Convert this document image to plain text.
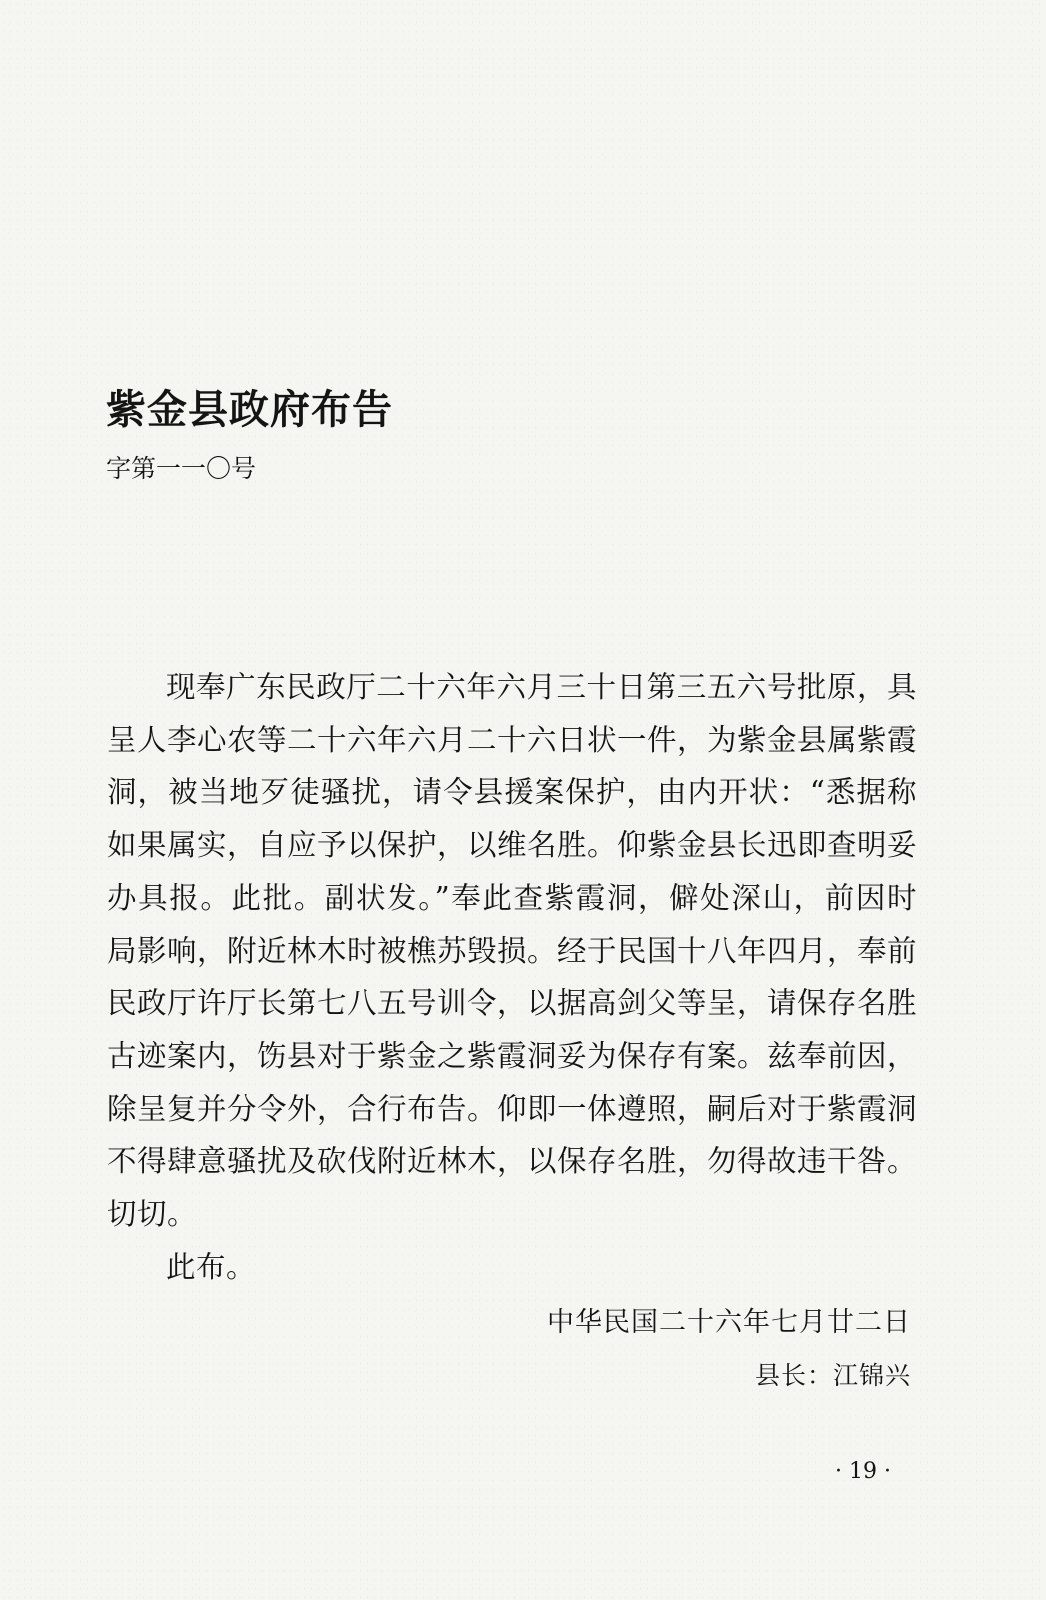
紫金县政府布告
字第一一〇号

现奉广东民政厅二十六年六月三十日第三五六号批原，具呈人李心农等二十六年六月二十六日状一件，为紫金县属紫霞洞，被当地歹徒骚扰，请令县援案保护，由内开状：“悉据称如果属实，自应予以保护，以维名胜。仰紫金县长迅即查明妥办具报。此批。副状发。”奉此查紫霞洞，僻处深山，前因时局影响，附近林木时被樵苏毁损。经于民国十八年四月，奉前民政厅许厅长第七八五号训令，以据高剑父等呈，请保存名胜古迹案内，饬县对于紫金之紫霞洞妥为保存有案。兹奉前因，除呈复并分令外，合行布告。仰即一体遵照，嗣后对于紫霞洞不得肆意骚扰及砍伐附近林木，以保存名胜，勿得故违干咎。切切。

此布。

中华民国二十六年七月廿二日
县长：江锦兴
· 19 ·
